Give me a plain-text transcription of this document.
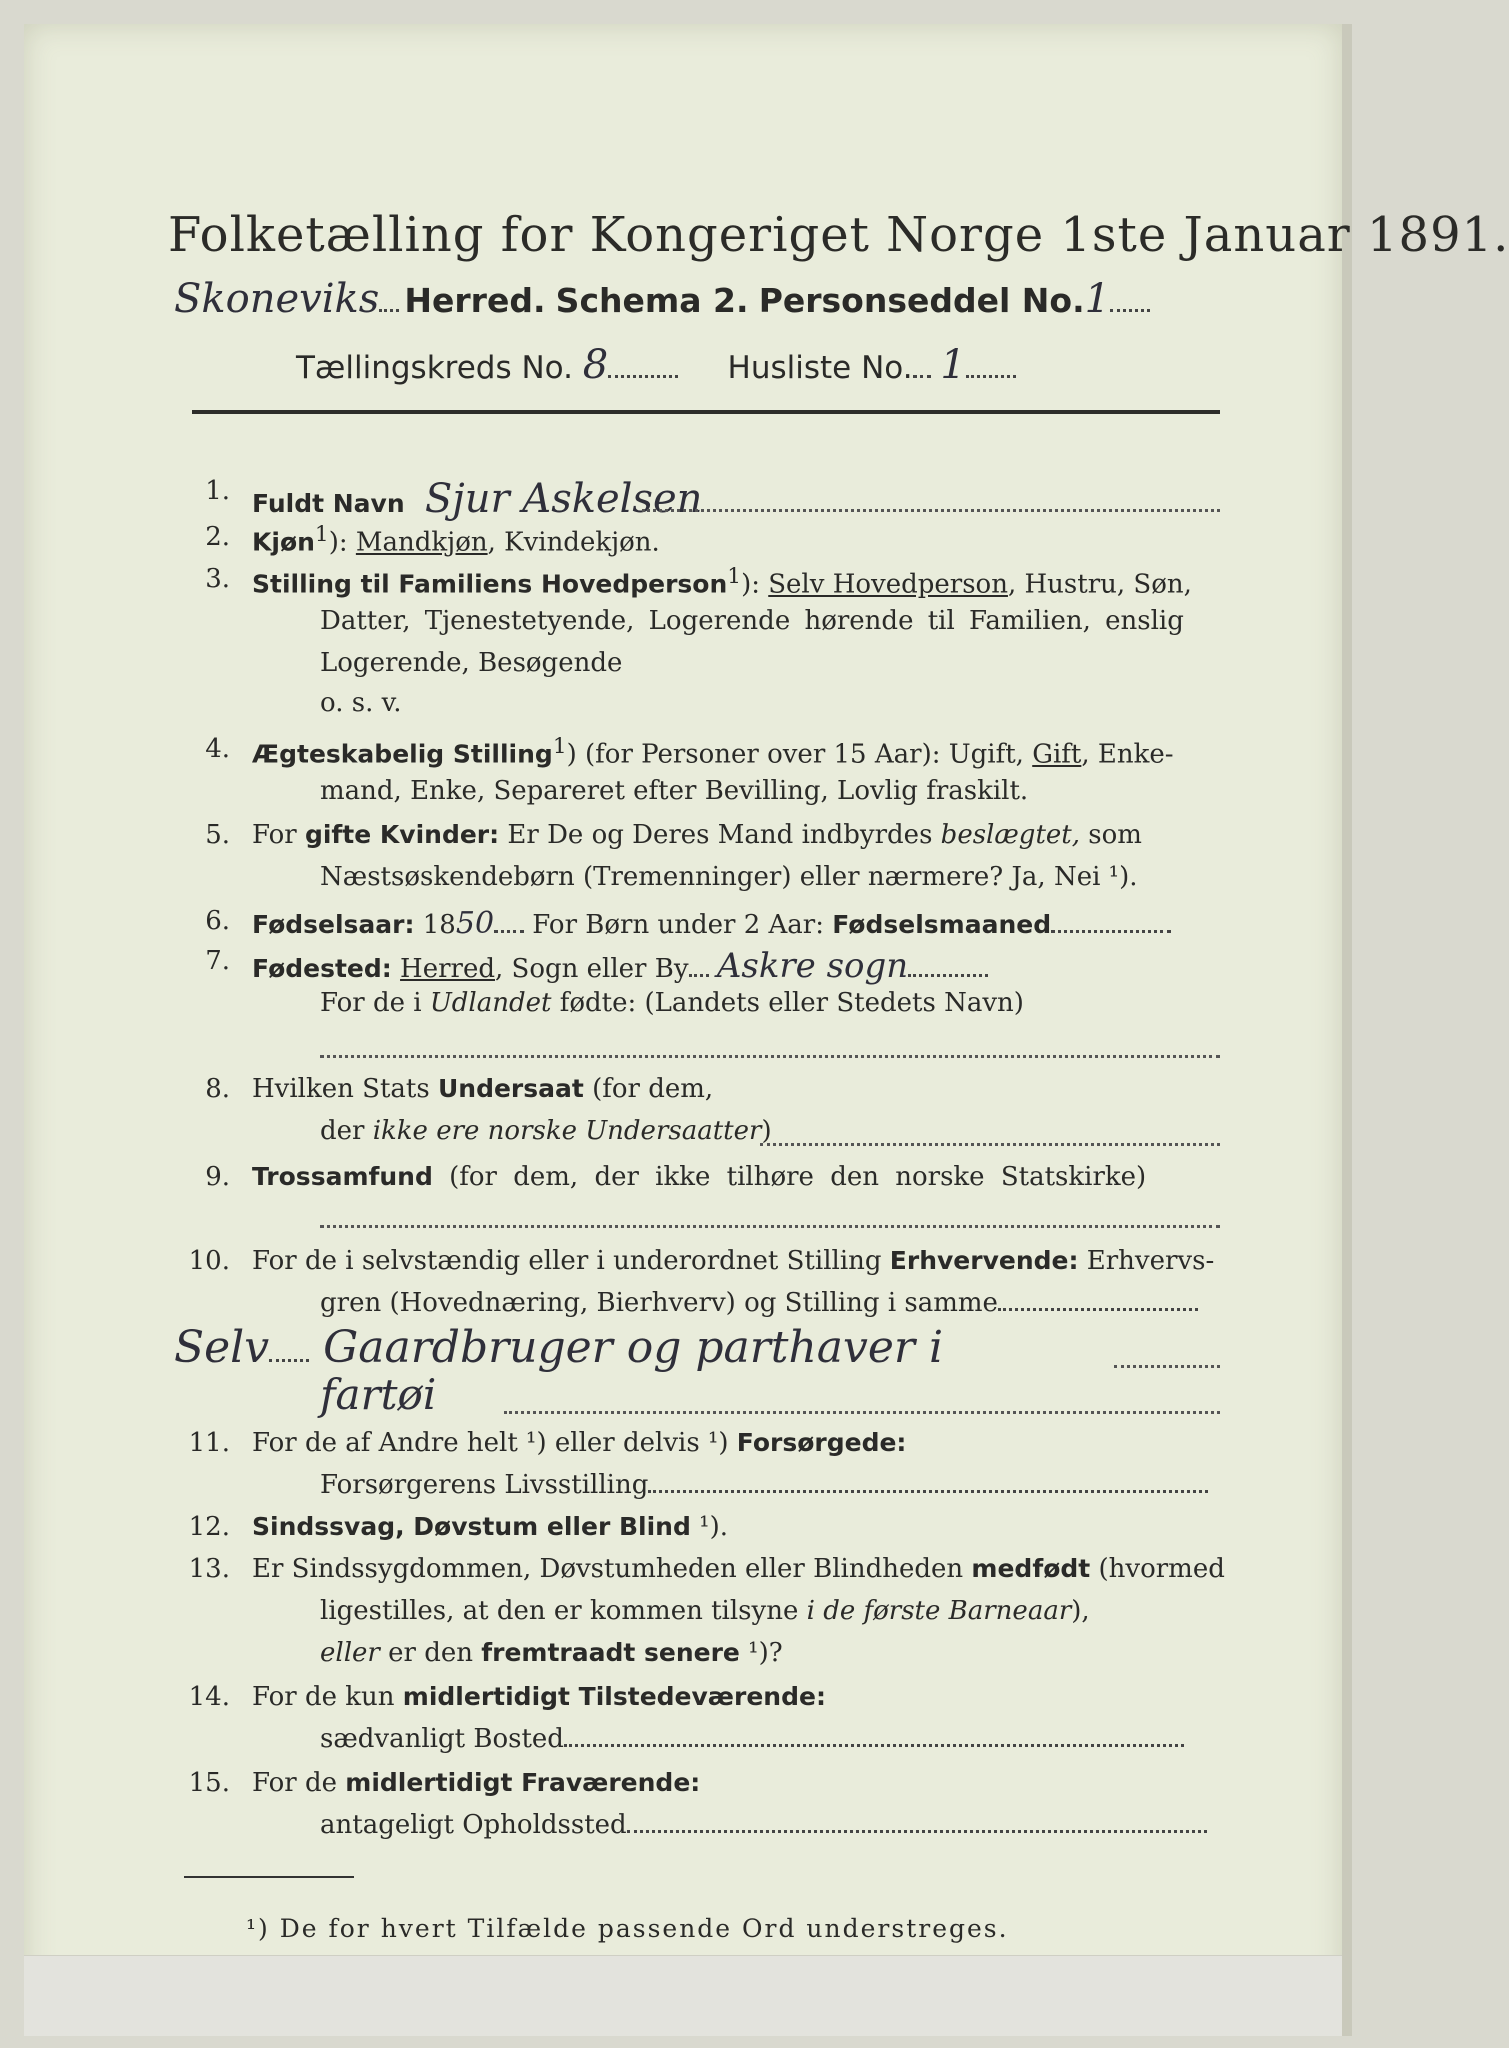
Folketælling for Kongeriget Norge 1ste Januar 1891.
Skoneviks Herred. Schema 2. Personseddel No.1
Tællingskreds No. 8	Husliste No. 1
1. Fuldt Navn Sjur Askelsen
2. Kjøn$^1$): Mandkjøn, Kvindekjøn.
3. Stilling til Familiens Hovedperson$^1$): Selv Hovedperson, Hustru, Søn,
Datter, Tjenestetyende, Logerende hørende til Familien, enslig
Logerende, Besøgende
o. s. v.
4. Ægteskabelig Stilling$^1$) (for Personer over 15 Aar): Ugift, Gift, Enke-
mand, Enke, Separeret efter Bevilling, Lovlig fraskilt.
5. For gifte Kvinder: Er De og Deres Mand indbyrdes beslægtet, som
Næstsøskendebørn (Tremenninger) eller nærmere? Ja, Nei ¹).
6. Fødselsaar: 1850 For Børn under 2 Aar: Fødselsmaaned
7. Fødested: Herred, Sogn eller By Askre sogn
For de i Udlandet fødte: (Landets eller Stedets Navn)
8. Hvilken Stats Undersaat (for dem,
der ikke ere norske Undersaatter)
9. Trossamfund (for dem, der ikke tilhøre den norske Statskirke)
10. For de i selvstændig eller i underordnet Stilling Erhvervende: Erhvervs-
gren (Hovednæring, Bierhverv) og Stilling i samme
Selv Gaardbruger og parthaver i
fartøi
11. For de af Andre helt ¹) eller delvis ¹) Forsørgede:
Forsørgerens Livsstilling
12. Sindssvag, Døvstum eller Blind ¹).
13. Er Sindssygdommen, Døvstumheden eller Blindheden medfødt (hvormed
ligestilles, at den er kommen tilsyne i de første Barneaar),
eller er den fremtraadt senere ¹)?
14. For de kun midlertidigt Tilstedeværende:
sædvanligt Bosted
15. For de midlertidigt Fraværende:
antageligt Opholdssted
¹) De for hvert Tilfælde passende Ord understreges.
